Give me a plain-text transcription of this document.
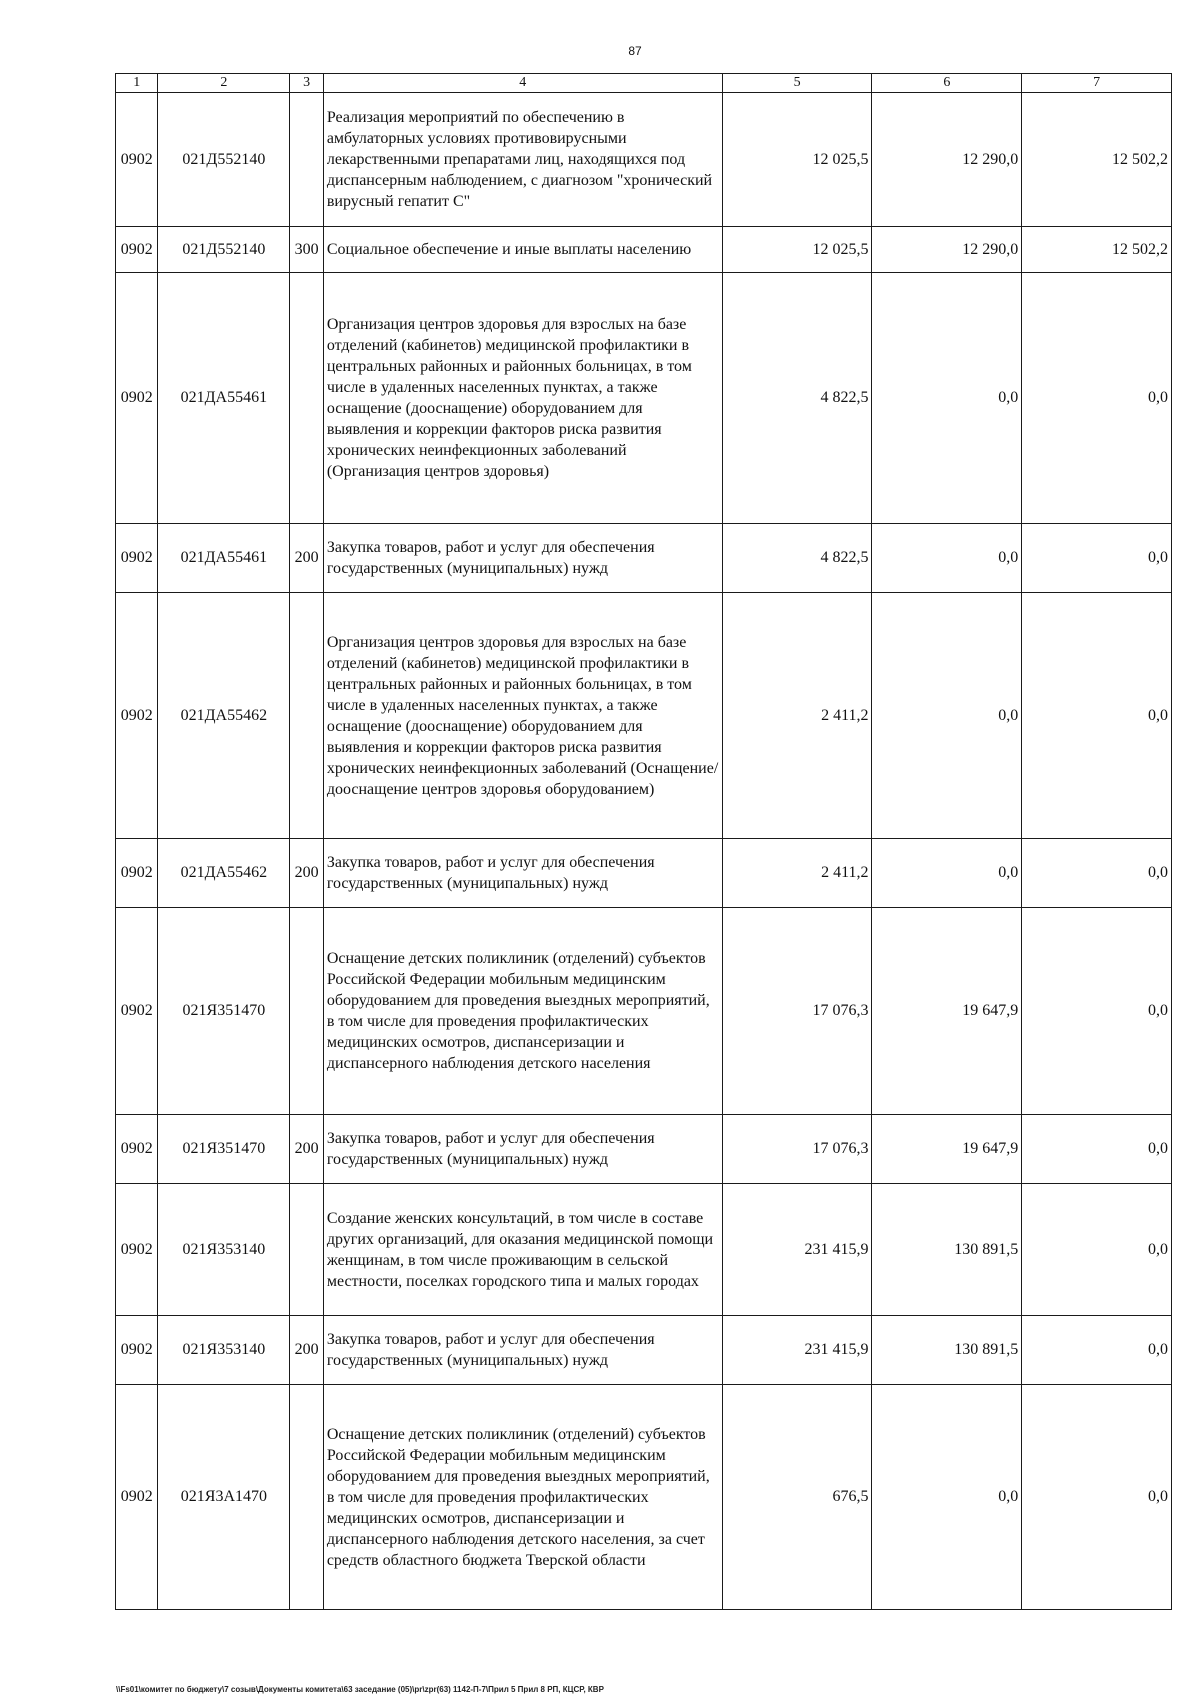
87
1	2	3	4	5	6	7
0902	021Д552140		Реализация мероприятий по обеспечению в амбулаторных условиях противовирусными лекарственными препаратами лиц, находящихся под диспансерным наблюдением, с диагнозом "хронический вирусный гепатит С"	12 025,5	12 290,0	12 502,2
0902	021Д552140	300	Социальное обеспечение и иные выплаты населению	12 025,5	12 290,0	12 502,2
0902	021ДА55461		Организация центров здоровья для взрослых на базе отделений (кабинетов) медицинской профилактики в центральных районных и районных больницах, в том числе в удаленных населенных пунктах, а также оснащение (дооснащение) оборудованием для выявления и коррекции факторов риска развития хронических неинфекционных заболеваний (Организация центров здоровья)	4 822,5	0,0	0,0
0902	021ДА55461	200	Закупка товаров, работ и услуг для обеспечения государственных (муниципальных) нужд	4 822,5	0,0	0,0
0902	021ДА55462		Организация центров здоровья для взрослых на базе отделений (кабинетов) медицинской профилактики в центральных районных и районных больницах, в том числе в удаленных населенных пунктах, а также оснащение (дооснащение) оборудованием для выявления и коррекции факторов риска развития хронических неинфекционных заболеваний (Оснащение/дооснащение центров здоровья оборудованием)	2 411,2	0,0	0,0
0902	021ДА55462	200	Закупка товаров, работ и услуг для обеспечения государственных (муниципальных) нужд	2 411,2	0,0	0,0
0902	021Я351470		Оснащение детских поликлиник (отделений) субъектов Российской Федерации мобильным медицинским оборудованием для проведения выездных мероприятий, в том числе для проведения профилактических медицинских осмотров, диспансеризации и диспансерного наблюдения детского населения	17 076,3	19 647,9	0,0
0902	021Я351470	200	Закупка товаров, работ и услуг для обеспечения государственных (муниципальных) нужд	17 076,3	19 647,9	0,0
0902	021Я353140		Создание женских консультаций, в том числе в составе других организаций, для оказания медицинской помощи женщинам, в том числе проживающим в сельской местности, поселках городского типа и малых городах	231 415,9	130 891,5	0,0
0902	021Я353140	200	Закупка товаров, работ и услуг для обеспечения государственных (муниципальных) нужд	231 415,9	130 891,5	0,0
0902	021Я3А1470		Оснащение детских поликлиник (отделений) субъектов Российской Федерации мобильным медицинским оборудованием для проведения выездных мероприятий, в том числе для проведения профилактических медицинских осмотров, диспансеризации и диспансерного наблюдения детского населения, за счет средств областного бюджета Тверской области	676,5	0,0	0,0
\\Fs01\комитет по бюджету\7 созыв\Документы комитета\63 заседание (05)\pr\zpr(63) 1142-П-7\Прил 5 Прил 8 РП, КЦСР, КВР
